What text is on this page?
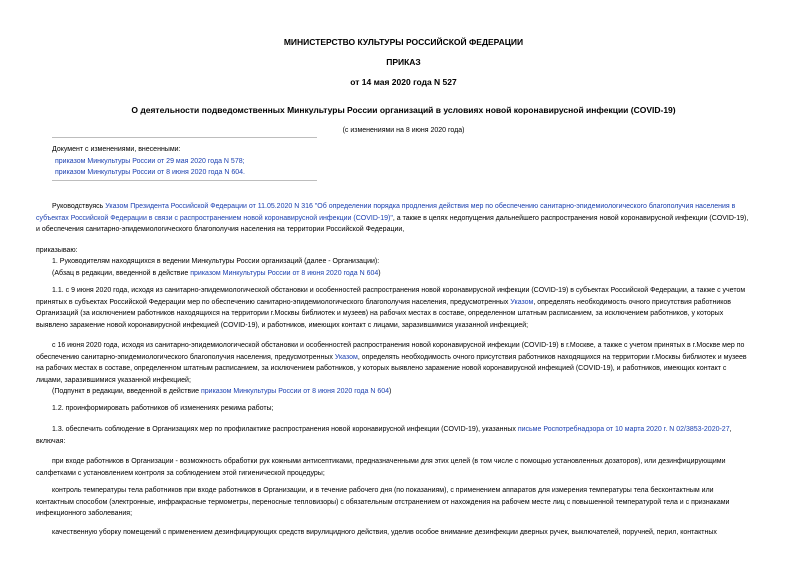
МИНИСТЕРСТВО КУЛЬТУРЫ РОССИЙСКОЙ ФЕДЕРАЦИИ
ПРИКАЗ
от 14 мая 2020 года N 527
О деятельности подведомственных Минкультуры России организаций в условиях новой коронавирусной инфекции (COVID-19)
(с изменениями на 8 июня 2020 года)
Документ с изменениями, внесенными:
приказом Минкультуры России от 29 мая 2020 года N 578;
приказом Минкультуры России от 8 июня 2020 года N 604.
Руководствуясь Указом Президента Российской Федерации от 11.05.2020 N 316 "Об определении порядка продления действия мер по обеспечению санитарно-эпидемиологического благополучия населения в
субъектах Российской Федерации в связи с распространением новой коронавирусной инфекции (COVID-19)", а также в целях недопущения дальнейшего распространения новой коронавирусной инфекции (COVID-19),
и обеспечения санитарно-эпидемиологического благополучия населения на территории Российской Федерации,
приказываю:
1. Руководителям находящихся в ведении Минкультуры России организаций (далее - Организации):
(Абзац в редакции, введенной в действие приказом Минкультуры России от 8 июня 2020 года N 604)
1.1. с 9 июня 2020 года, исходя из санитарно-эпидемиологической обстановки и особенностей распространения новой коронавирусной инфекции (COVID-19) в субъектах Российской Федерации, а также с учетом
принятых в субъектах Российской Федерации мер по обеспечению санитарно-эпидемиологического благополучия населения, предусмотренных Указом, определять необходимость очного присутствия работников
Организаций (за исключением работников находящихся на территории г.Москвы библиотек и музеев) на рабочих местах в составе, определенном штатным расписанием, за исключением работников, у которых
выявлено заражение новой коронавирусной инфекцией (COVID-19), и работников, имеющих контакт с лицами, заразившимися указанной инфекцией;
с 16 июня 2020 года, исходя из санитарно-эпидемиологической обстановки и особенностей распространения новой коронавирусной инфекции (COVID-19) в г.Москве, а также с учетом принятых в г.Москве мер по
обеспечению санитарно-эпидемиологического благополучия населения, предусмотренных Указом, определять необходимость очного присутствия работников находящихся на территории г.Москвы библиотек и музеев
на рабочих местах в составе, определенном штатным расписанием, за исключением работников, у которых выявлено заражение новой коронавирусной инфекцией (COVID-19), и работников, имеющих контакт с
лицами, заразившимися указанной инфекцией;
(Подпункт в редакции, введенной в действие приказом Минкультуры России от 8 июня 2020 года N 604)
1.2. проинформировать работников об изменениях режима работы;
1.3. обеспечить соблюдение в Организациях мер по профилактике распространения новой коронавирусной инфекции (COVID-19), указанных письме Роспотребнадзора от 10 марта 2020 г. N 02/3853-2020-27,
включая:
при входе работников в Организации - возможность обработки рук кожными антисептиками, предназначенными для этих целей (в том числе с помощью установленных дозаторов), или дезинфицирующими
салфетками с установлением контроля за соблюдением этой гигиенической процедуры;
контроль температуры тела работников при входе работников в Организации, и в течение рабочего дня (по показаниям), с применением аппаратов для измерения температуры тела бесконтактным или
контактным способом (электронные, инфракрасные термометры, переносные тепловизоры) с обязательным отстранением от нахождения на рабочем месте лиц с повышенной температурой тела и с признаками
инфекционного заболевания;
качественную уборку помещений с применением дезинфицирующих средств вирулицидного действия, уделив особое внимание дезинфекции дверных ручек, выключателей, поручней, перил, контактных
